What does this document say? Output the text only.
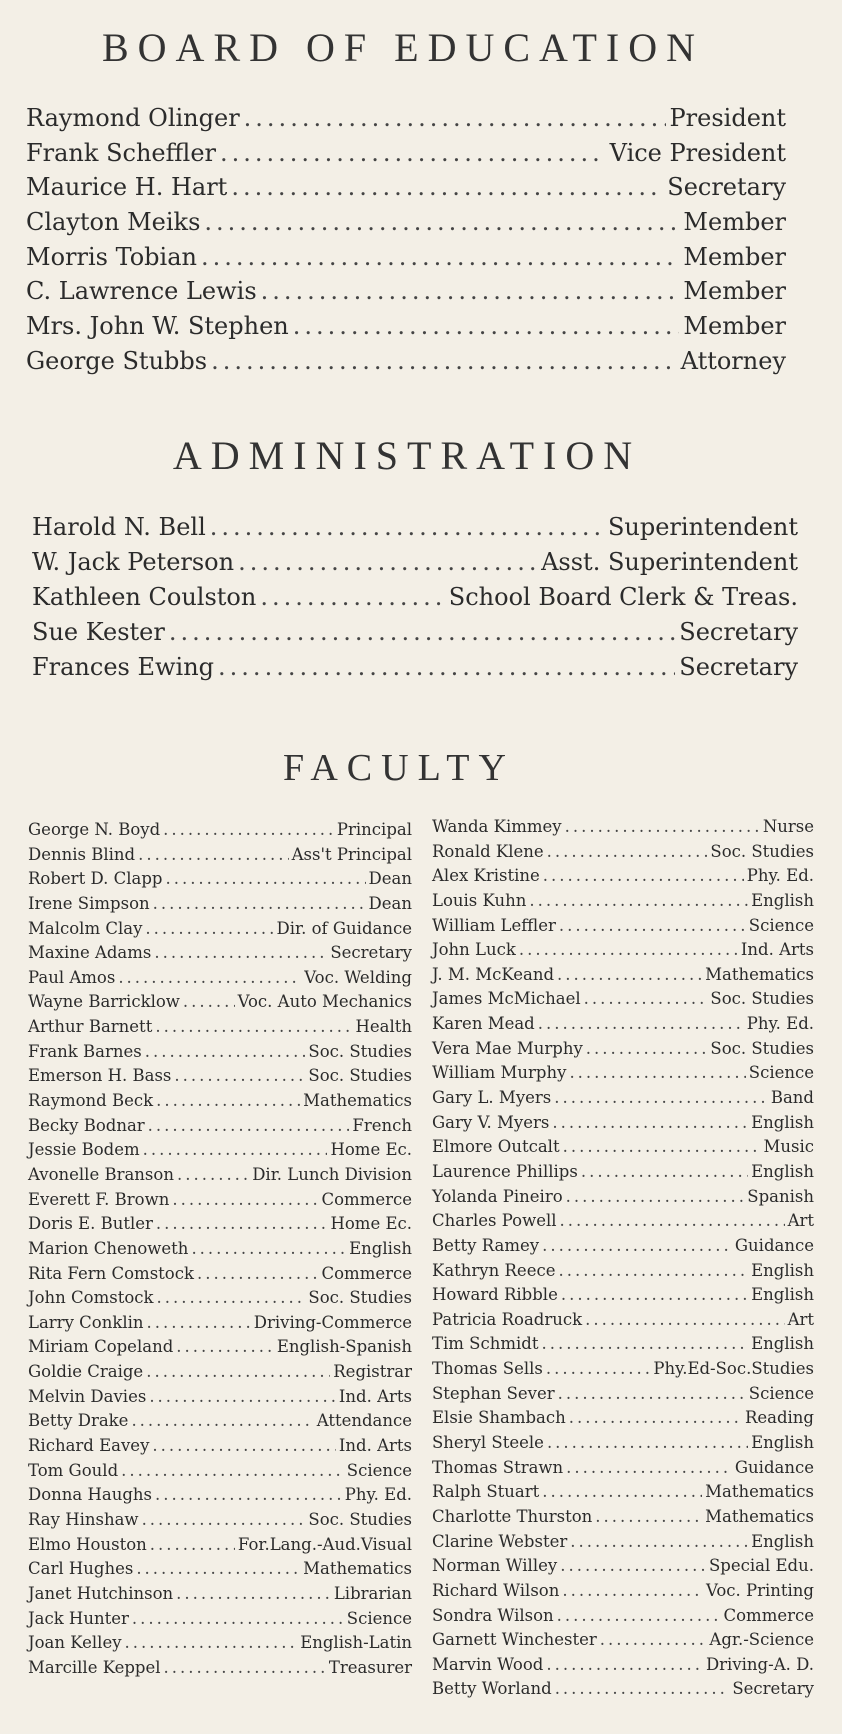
BOARD OF EDUCATION
Raymond Olinger .....	President
Frank Scheffler .....	Vice President
Maurice H. Hart .....	Secretary
Clayton Meiks .....	Member
Morris Tobian .....	Member
C. Lawrence Lewis .....	Member
Mrs. John W. Stephen .....	Member
George Stubbs .....	Attorney
ADMINISTRATION
Harold N. Bell .....	Superintendent
W. Jack Peterson .....	Asst. Superintendent
Kathleen Coulston .....	School Board Clerk & Treas.
Sue Kester .....	Secretary
Frances Ewing .....	Secretary
FACULTY
George N. Boyd .....	Principal
Dennis Blind .....	Ass't Principal
Robert D. Clapp .....	Dean
Irene Simpson .....	Dean
Malcolm Clay .....	Dir. of Guidance
Maxine Adams .....	Secretary
Paul Amos .....	Voc. Welding
Wayne Barricklow .....	Voc. Auto Mechanics
Arthur Barnett .....	Health
Frank Barnes .....	Soc. Studies
Emerson H. Bass .....	Soc. Studies
Raymond Beck .....	Mathematics
Becky Bodnar .....	French
Jessie Bodem .....	Home Ec.
Avonelle Branson .....	Dir. Lunch Division
Everett F. Brown .....	Commerce
Doris E. Butler .....	Home Ec.
Marion Chenoweth .....	English
Rita Fern Comstock .....	Commerce
John Comstock .....	Soc. Studies
Larry Conklin .....	Driving-Commerce
Miriam Copeland .....	English-Spanish
Goldie Craige .....	Registrar
Melvin Davies .....	Ind. Arts
Betty Drake .....	Attendance
Richard Eavey .....	Ind. Arts
Tom Gould .....	Science
Donna Haughs .....	Phy. Ed.
Ray Hinshaw .....	Soc. Studies
Elmo Houston .....	For.Lang.-Aud.Visual
Carl Hughes .....	Mathematics
Janet Hutchinson .....	Librarian
Jack Hunter .....	Science
Joan Kelley .....	English-Latin
Marcille Keppel .....	Treasurer
Wanda Kimmey .....	Nurse
Ronald Klene .....	Soc. Studies
Alex Kristine .....	Phy. Ed.
Louis Kuhn .....	English
William Leffler .....	Science
John Luck .....	Ind. Arts
J. M. McKeand .....	Mathematics
James McMichael .....	Soc. Studies
Karen Mead .....	Phy. Ed.
Vera Mae Murphy .....	Soc. Studies
William Murphy .....	Science
Gary L. Myers .....	Band
Gary V. Myers .....	English
Elmore Outcalt .....	Music
Laurence Phillips .....	English
Yolanda Pineiro .....	Spanish
Charles Powell .....	Art
Betty Ramey .....	Guidance
Kathryn Reece .....	English
Howard Ribble .....	English
Patricia Roadruck .....	Art
Tim Schmidt .....	English
Thomas Sells .....	Phy.Ed-Soc.Studies
Stephan Sever .....	Science
Elsie Shambach .....	Reading
Sheryl Steele .....	English
Thomas Strawn .....	Guidance
Ralph Stuart .....	Mathematics
Charlotte Thurston .....	Mathematics
Clarine Webster .....	English
Norman Willey .....	Special Edu.
Richard Wilson .....	Voc. Printing
Sondra Wilson .....	Commerce
Garnett Winchester .....	Agr.-Science
Marvin Wood .....	Driving-A. D.
Betty Worland .....	Secretary
